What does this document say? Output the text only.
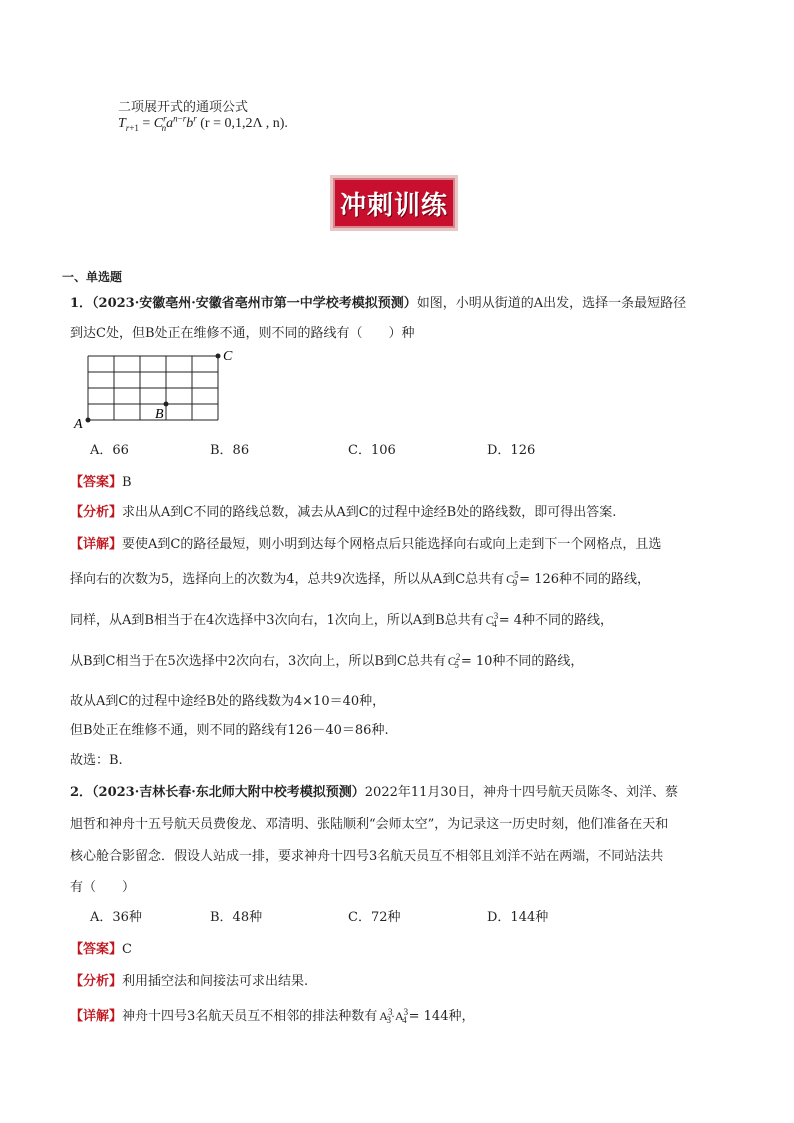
二项展开式的通项公式
$T_{r+1} = C^r_na^{n-r}b^r$ (r = 0,1,2Λ , n).
冲刺训练
一、单选题
1．（2023·安徽亳州·安徽省亳州市第一中学校考模拟预测）如图，小明从街道的A出发，选择一条最短路径
到达C处，但B处正在维修不通，则不同的路线有（　　）种
A
B
C
A．66	B．86	C．106	D．126
【答案】B
【分析】求出从A到C不同的路线总数，减去从A到C的过程中途经B处的路线数，即可得出答案.
【详解】要使A到C的路径最短，则小明到达每个网格点后只能选择向右或向上走到下一个网格点，且选
择向右的次数为5，选择向上的次数为4，总共9次选择，所以从A到C总共有 $C^5_9 = 126$种不同的路线，
同样，从A到B相当于在4次选择中3次向右，1次向上，所以A到B总共有 $C^3_4 = 4$种不同的路线，
从B到C相当于在5次选择中2次向右，3次向上，所以B到C总共有 $C^2_5 = 10$种不同的路线，
故从A到C的过程中途经B处的路线数为4×10＝40种，
但B处正在维修不通，则不同的路线有126－40＝86种.
故选：B.
2．（2023·吉林长春·东北师大附中校考模拟预测）2022年11月30日，神舟十四号航天员陈冬、刘洋、蔡
旭哲和神舟十五号航天员费俊龙、邓清明、张陆顺利“会师太空”，为记录这一历史时刻，他们准备在天和
核心舱合影留念．假设人站成一排，要求神舟十四号3名航天员互不相邻且刘洋不站在两端，不同站法共
有（　　）
A．36种	B．48种	C．72种	D．144种
【答案】C
【分析】利用插空法和间接法可求出结果.
【详解】神舟十四号3名航天员互不相邻的排法种数有 $A^3_3\cdot A^3_4 = 144$种，
